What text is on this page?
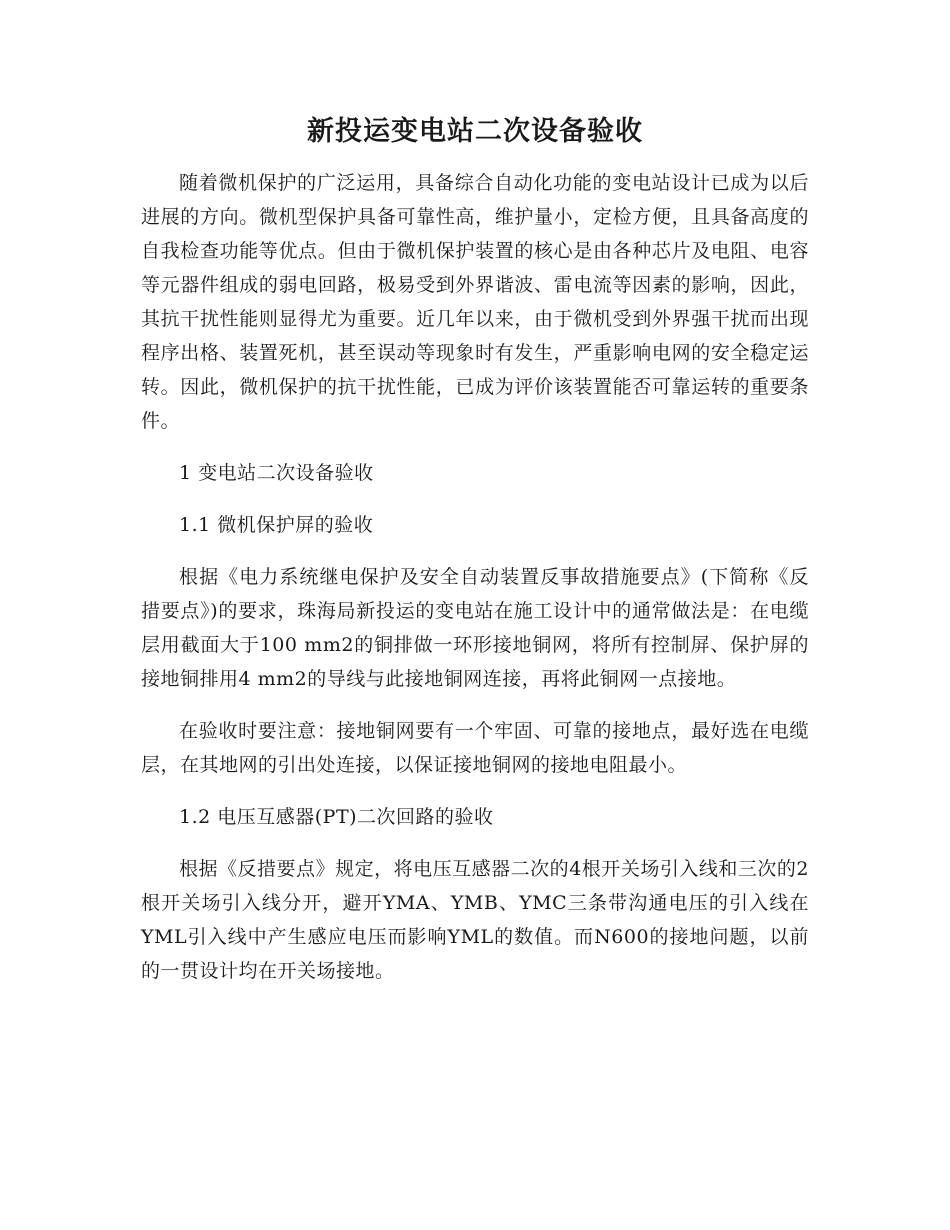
新投运变电站二次设备验收

随着微机保护的广泛运用，具备综合自动化功能的变电站设计已成为以后进展的方向。微机型保护具备可靠性高，维护量小，定检方便，且具备高度的自我检查功能等优点。但由于微机保护装置的核心是由各种芯片及电阻、电容等元器件组成的弱电回路，极易受到外界谐波、雷电流等因素的影响，因此，其抗干扰性能则显得尤为重要。近几年以来，由于微机受到外界强干扰而出现程序出格、装置死机，甚至误动等现象时有发生，严重影响电网的安全稳定运转。因此，微机保护的抗干扰性能，已成为评价该装置能否可靠运转的重要条件。

1 变电站二次设备验收

1.1 微机保护屏的验收

根据《电力系统继电保护及安全自动装置反事故措施要点》(下简称《反措要点》)的要求，珠海局新投运的变电站在施工设计中的通常做法是：在电缆层用截面大于100 mm2的铜排做一环形接地铜网，将所有控制屏、保护屏的接地铜排用4 mm2的导线与此接地铜网连接，再将此铜网一点接地。

在验收时要注意：接地铜网要有一个牢固、可靠的接地点，最好选在电缆层，在其地网的引出处连接，以保证接地铜网的接地电阻最小。

1.2 电压互感器(PT)二次回路的验收

根据《反措要点》规定，将电压互感器二次的4根开关场引入线和三次的2根开关场引入线分开，避开YMA、YMB、YMC三条带沟通电压的引入线在YML引入线中产生感应电压而影响YML的数值。而N600的接地问题，以前的一贯设计均在开关场接地。
